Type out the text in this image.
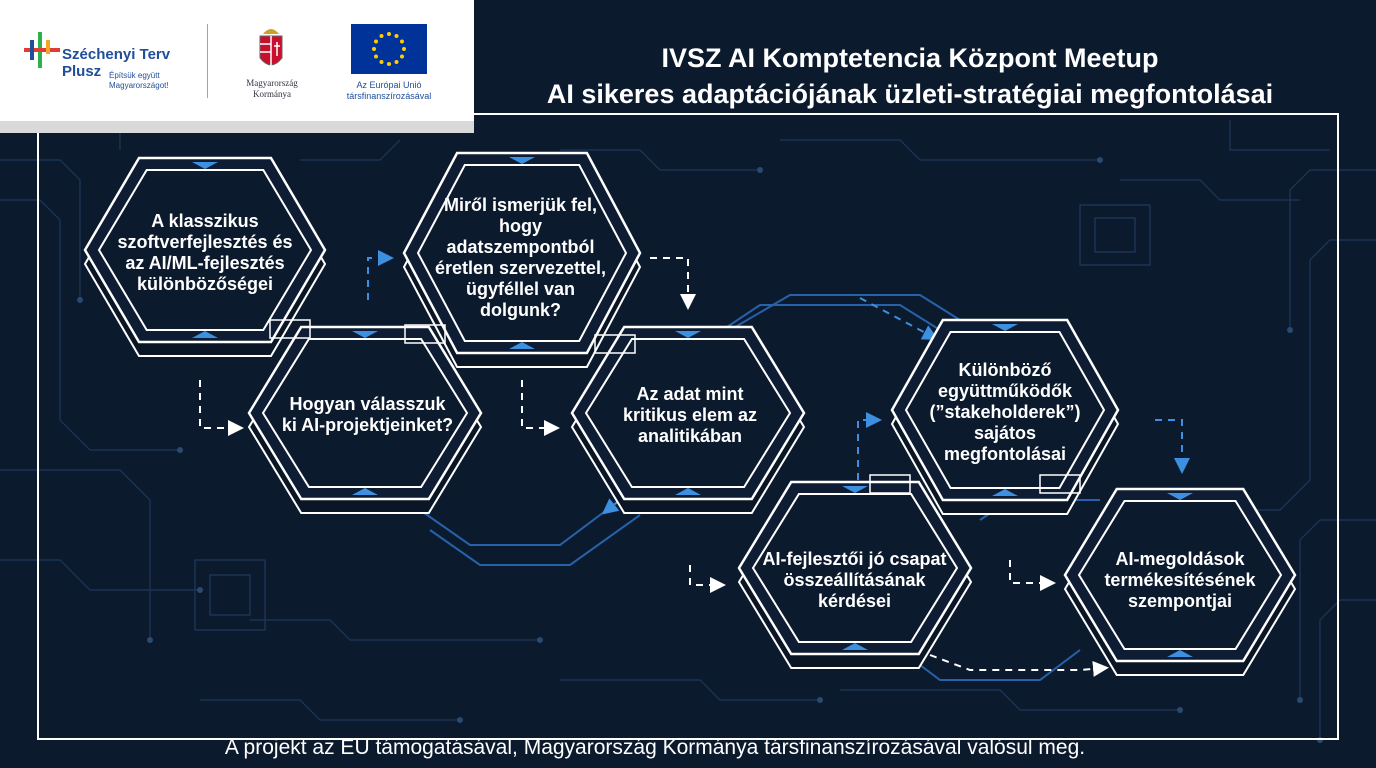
Széchenyi Terv
Plusz Építsük együtt
Magyarországot!	Magyarország
Kormánya
Az Európai Unió
társfinanszírozásával
IVSZ AI Komptetencia Központ Meetup
AI sikeres adaptációjának üzleti-stratégiai megfontolásai
A klasszikus szoftverfejlesztés és az AI/ML-fejlesztés különbözőségei
Hogyan válasszuk ki AI-projektjeinket?
Miről ismerjük fel, hogy adatszempontból éretlen szervezettel, ügyféllel van dolgunk?
Az adat mint kritikus elem az analitikában
AI-fejlesztői jó csapat összeállításának kérdései
Különböző együttműködők (”stakeholderek”) sajátos megfontolásai
AI-megoldások termékesítésének szempontjai
A projekt az EU támogatásával, Magyarország Kormánya társfinanszírozásával valósul meg.
